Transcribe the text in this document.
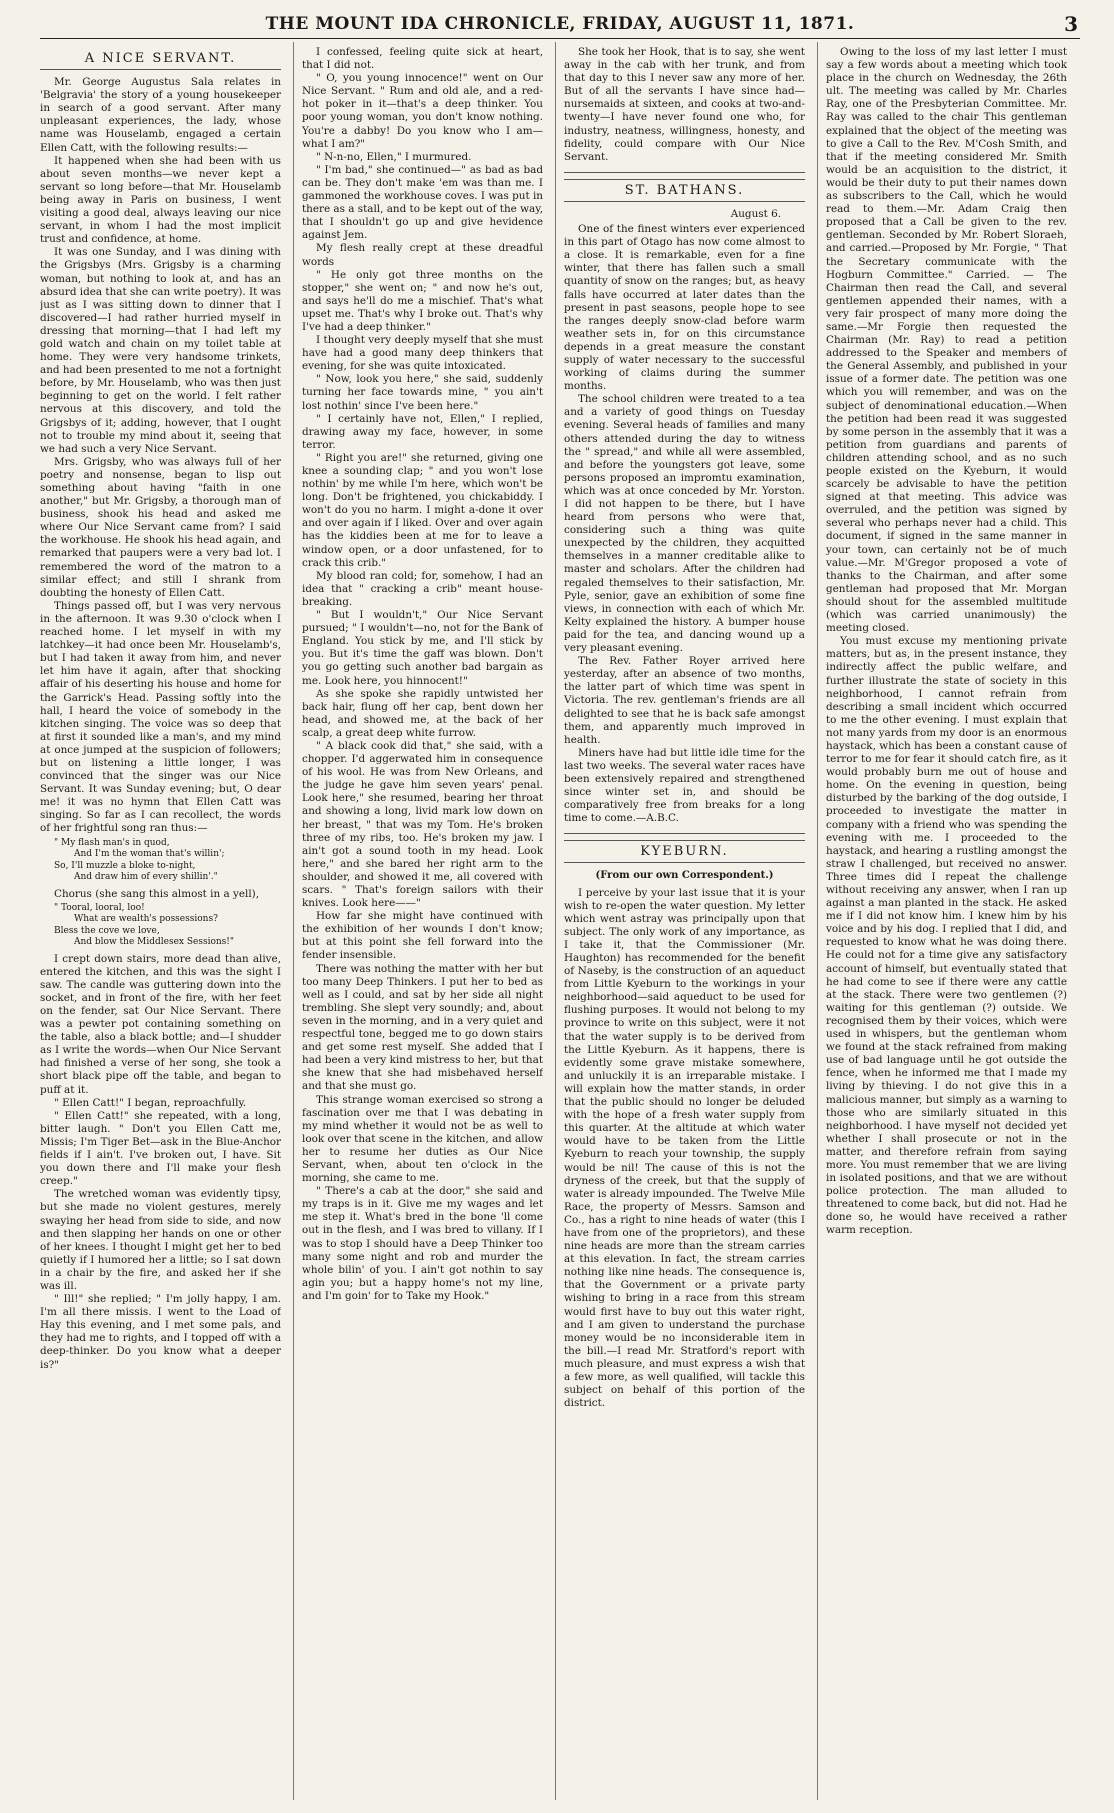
THE MOUNT IDA CHRONICLE, FRIDAY, AUGUST 11, 1871.	3
A NICE SERVANT.

Mr. George Augustus Sala relates in 'Belgravia' the story of a young housekeeper in search of a good servant. After many unpleasant experiences, the lady, whose name was Houselamb, engaged a certain Ellen Catt, with the following results:—

It happened when she had been with us about seven months—we never kept a servant so long before—that Mr. Houselamb being away in Paris on business, I went visiting a good deal, always leaving our nice servant, in whom I had the most implicit trust and confidence, at home.

It was one Sunday, and I was dining with the Grigsbys (Mrs. Grigsby is a charming woman, but nothing to look at, and has an absurd idea that she can write poetry). It was just as I was sitting down to dinner that I discovered—I had rather hurried myself in dressing that morning—that I had left my gold watch and chain on my toilet table at home. They were very handsome trinkets, and had been presented to me not a fortnight before, by Mr. Houselamb, who was then just beginning to get on the world. I felt rather nervous at this discovery, and told the Grigsbys of it; adding, however, that I ought not to trouble my mind about it, seeing that we had such a very Nice Servant.

Mrs. Grigsby, who was always full of her poetry and nonsense, began to lisp out something about having "faith in one another," but Mr. Grigsby, a thorough man of business, shook his head and asked me where Our Nice Servant came from? I said the workhouse. He shook his head again, and remarked that paupers were a very bad lot. I remembered the word of the matron to a similar effect; and still I shrank from doubting the honesty of Ellen Catt.

Things passed off, but I was very nervous in the afternoon. It was 9.30 o'clock when I reached home. I let myself in with my latchkey—it had once been Mr. Houselamb's, but I had taken it away from him, and never let him have it again, after that shocking affair of his deserting his house and home for the Garrick's Head. Passing softly into the hall, I heard the voice of somebody in the kitchen singing. The voice was so deep that at first it sounded like a man's, and my mind at once jumped at the suspicion of followers; but on listening a little longer, I was convinced that the singer was our Nice Servant. It was Sunday evening; but, O dear me! it was no hymn that Ellen Catt was singing. So far as I can recollect, the words of her frightful song ran thus:—

" My flash man's in quod,
And I'm the woman that's willin';
So, I'll muzzle a bloke to-night,
And draw him of every shillin'."

Chorus (she sang this almost in a yell),

" Tooral, looral, loo!
What are wealth's possessions?
Bless the cove we love,
And blow the Middlesex Sessions!"

I crept down stairs, more dead than alive, entered the kitchen, and this was the sight I saw. The candle was guttering down into the socket, and in front of the fire, with her feet on the fender, sat Our Nice Servant. There was a pewter pot containing something on the table, also a black bottle; and—I shudder as I write the words—when Our Nice Servant had finished a verse of her song, she took a short black pipe off the table, and began to puff at it.

" Ellen Catt!" I began, reproachfully.

" Ellen Catt!" she repeated, with a long, bitter laugh. " Don't you Ellen Catt me, Missis; I'm Tiger Bet—ask in the Blue-Anchor fields if I ain't. I've broken out, I have. Sit you down there and I'll make your flesh creep."

The wretched woman was evidently tipsy, but she made no violent gestures, merely swaying her head from side to side, and now and then slapping her hands on one or other of her knees. I thought I might get her to bed quietly if I humored her a little; so I sat down in a chair by the fire, and asked her if she was ill.

" Ill!" she replied; " I'm jolly happy, I am. I'm all there missis. I went to the Load of Hay this evening, and I met some pals, and they had me to rights, and I topped off with a deep-thinker. Do you know what a deeper is?"

I confessed, feeling quite sick at heart, that I did not.

" O, you young innocence!" went on Our Nice Servant. " Rum and old ale, and a red-hot poker in it—that's a deep thinker. You poor young woman, you don't know nothing. You're a dabby! Do you know who I am—what I am?"

" N-n-no, Ellen," I murmured.

" I'm bad," she continued—" as bad as bad can be. They don't make 'em was than me. I gammoned the workhouse coves. I was put in there as a stall, and to be kept out of the way, that I shouldn't go up and give hevidence against Jem.

My flesh really crept at these dreadful words

" He only got three months on the stopper," she went on; " and now he's out, and says he'll do me a mischief. That's what upset me. That's why I broke out. That's why I've had a deep thinker."

I thought very deeply myself that she must have had a good many deep thinkers that evening, for she was quite intoxicated.

" Now, look you here," she said, suddenly turning her face towards mine, " you ain't lost nothin' since I've been here."

" I certainly have not, Ellen," I replied, drawing away my face, however, in some terror.

" Right you are!" she returned, giving one knee a sounding clap; " and you won't lose nothin' by me while I'm here, which won't be long. Don't be frightened, you chickabiddy. I won't do you no harm. I might a-done it over and over again if I liked. Over and over again has the kiddies been at me for to leave a window open, or a door unfastened, for to crack this crib."

My blood ran cold; for, somehow, I had an idea that " cracking a crib" meant house-breaking.

" But I wouldn't," Our Nice Servant pursued; " I wouldn't—no, not for the Bank of England. You stick by me, and I'll stick by you. But it's time the gaff was blown. Don't you go getting such another bad bargain as me. Look here, you hinnocent!"

As she spoke she rapidly untwisted her back hair, flung off her cap, bent down her head, and showed me, at the back of her scalp, a great deep white furrow.

" A black cook did that," she said, with a chopper. I'd aggerwated him in consequence of his wool. He was from New Orleans, and the judge he gave him seven years' penal. Look here," she resumed, bearing her throat and showing a long, livid mark low down on her breast, " that was my Tom. He's broken three of my ribs, too. He's broken my jaw. I ain't got a sound tooth in my head. Look here," and she bared her right arm to the shoulder, and showed it me, all covered with scars. " That's foreign sailors with their knives. Look here——"

How far she might have continued with the exhibition of her wounds I don't know; but at this point she fell forward into the fender insensible.

There was nothing the matter with her but too many Deep Thinkers. I put her to bed as well as I could, and sat by her side all night trembling. She slept very soundly; and, about seven in the morning, and in a very quiet and respectful tone, begged me to go down stairs and get some rest myself. She added that I had been a very kind mistress to her, but that she knew that she had misbehaved herself and that she must go.

This strange woman exercised so strong a fascination over me that I was debating in my mind whether it would not be as well to look over that scene in the kitchen, and allow her to resume her duties as Our Nice Servant, when, about ten o'clock in the morning, she came to me.

" There's a cab at the door," she said and my traps is in it. Give me my wages and let me step it. What's bred in the bone 'll come out in the flesh, and I was bred to villany. If I was to stop I should have a Deep Thinker too many some night and rob and murder the whole bilin' of you. I ain't got nothin to say agin you; but a happy home's not my line, and I'm goin' for to Take my Hook."

She took her Hook, that is to say, she went away in the cab with her trunk, and from that day to this I never saw any more of her. But of all the servants I have since had—nursemaids at sixteen, and cooks at two-and-twenty—I have never found one who, for industry, neatness, willingness, honesty, and fidelity, could compare with Our Nice Servant.

ST. BATHANS.
August 6.

One of the finest winters ever experienced in this part of Otago has now come almost to a close. It is remarkable, even for a fine winter, that there has fallen such a small quantity of snow on the ranges; but, as heavy falls have occurred at later dates than the present in past seasons, people hope to see the ranges deeply snow-clad before warm weather sets in, for on this circumstance depends in a great measure the constant supply of water necessary to the successful working of claims during the summer months.

The school children were treated to a tea and a variety of good things on Tuesday evening. Several heads of families and many others attended during the day to witness the " spread," and while all were assembled, and before the youngsters got leave, some persons proposed an impromtu examination, which was at once conceded by Mr. Yorston. I did not happen to be there, but I have heard from persons who were that, considering such a thing was quite unexpected by the children, they acquitted themselves in a manner creditable alike to master and scholars. After the children had regaled themselves to their satisfaction, Mr. Pyle, senior, gave an exhibition of some fine views, in connection with each of which Mr. Kelty explained the history. A bumper house paid for the tea, and dancing wound up a very pleasant evening.

The Rev. Father Royer arrived here yesterday, after an absence of two months, the latter part of which time was spent in Victoria. The rev. gentleman's friends are all delighted to see that he is back safe amongst them, and apparently much improved in health.

Miners have had but little idle time for the last two weeks. The several water races have been extensively repaired and strengthened since winter set in, and should be comparatively free from breaks for a long time to come.—A.B.C.

KYEBURN.
(From our own Correspondent.)

I perceive by your last issue that it is your wish to re-open the water question. My letter which went astray was principally upon that subject. The only work of any importance, as I take it, that the Commissioner (Mr. Haughton) has recommended for the benefit of Naseby, is the construction of an aqueduct from Little Kyeburn to the workings in your neighborhood—said aqueduct to be used for flushing purposes. It would not belong to my province to write on this subject, were it not that the water supply is to be derived from the Little Kyeburn. As it happens, there is evidently some grave mistake somewhere, and unluckily it is an irreparable mistake. I will explain how the matter stands, in order that the public should no longer be deluded with the hope of a fresh water supply from this quarter. At the altitude at which water would have to be taken from the Little Kyeburn to reach your township, the supply would be nil! The cause of this is not the dryness of the creek, but that the supply of water is already impounded. The Twelve Mile Race, the property of Messrs. Samson and Co., has a right to nine heads of water (this I have from one of the proprietors), and these nine heads are more than the stream carries at this elevation. In fact, the stream carries nothing like nine heads. The consequence is, that the Government or a private party wishing to bring in a race from this stream would first have to buy out this water right, and I am given to understand the purchase money would be no inconsiderable item in the bill.—I read Mr. Stratford's report with much pleasure, and must express a wish that a few more, as well qualified, will tackle this subject on behalf of this portion of the district.

Owing to the loss of my last letter I must say a few words about a meeting which took place in the church on Wednesday, the 26th ult. The meeting was called by Mr. Charles Ray, one of the Presbyterian Committee. Mr. Ray was called to the chair This gentleman explained that the object of the meeting was to give a Call to the Rev. M'Cosh Smith, and that if the meeting considered Mr. Smith would be an acquisition to the district, it would be their duty to put their names down as subscribers to the Call, which he would read to them.—Mr. Adam Craig then proposed that a Call be given to the rev. gentleman. Seconded by Mr. Robert Sloraeh, and carried.—Proposed by Mr. Forgie, " That the Secretary communicate with the Hogburn Committee." Carried. — The Chairman then read the Call, and several gentlemen appended their names, with a very fair prospect of many more doing the same.—Mr Forgie then requested the Chairman (Mr. Ray) to read a petition addressed to the Speaker and members of the General Assembly, and published in your issue of a former date. The petition was one which you will remember, and was on the subject of denominational education.—When the petition had been read it was suggested by some person in the assembly that it was a petition from guardians and parents of children attending school, and as no such people existed on the Kyeburn, it would scarcely be advisable to have the petition signed at that meeting. This advice was overruled, and the petition was signed by several who perhaps never had a child. This document, if signed in the same manner in your town, can certainly not be of much value.—Mr. M'Gregor proposed a vote of thanks to the Chairman, and after some gentleman had proposed that Mr. Morgan should shout for the assembled multitude (which was carried unanimously) the meeting closed.

You must excuse my mentioning private matters, but as, in the present instance, they indirectly affect the public welfare, and further illustrate the state of society in this neighborhood, I cannot refrain from describing a small incident which occurred to me the other evening. I must explain that not many yards from my door is an enormous haystack, which has been a constant cause of terror to me for fear it should catch fire, as it would probably burn me out of house and home. On the evening in question, being disturbed by the barking of the dog outside, I proceeded to investigate the matter in company with a friend who was spending the evening with me. I proceeded to the haystack, and hearing a rustling amongst the straw I challenged, but received no answer. Three times did I repeat the challenge without receiving any answer, when I ran up against a man planted in the stack. He asked me if I did not know him. I knew him by his voice and by his dog. I replied that I did, and requested to know what he was doing there. He could not for a time give any satisfactory account of himself, but eventually stated that he had come to see if there were any cattle at the stack. There were two gentlemen (?) waiting for this gentleman (?) outside. We recognised them by their voices, which were used in whispers, but the gentleman whom we found at the stack refrained from making use of bad language until he got outside the fence, when he informed me that I made my living by thieving. I do not give this in a malicious manner, but simply as a warning to those who are similarly situated in this neighborhood. I have myself not decided yet whether I shall prosecute or not in the matter, and therefore refrain from saying more. You must remember that we are living in isolated positions, and that we are without police protection. The man alluded to threatened to come back, but did not. Had he done so, he would have received a rather warm reception.
